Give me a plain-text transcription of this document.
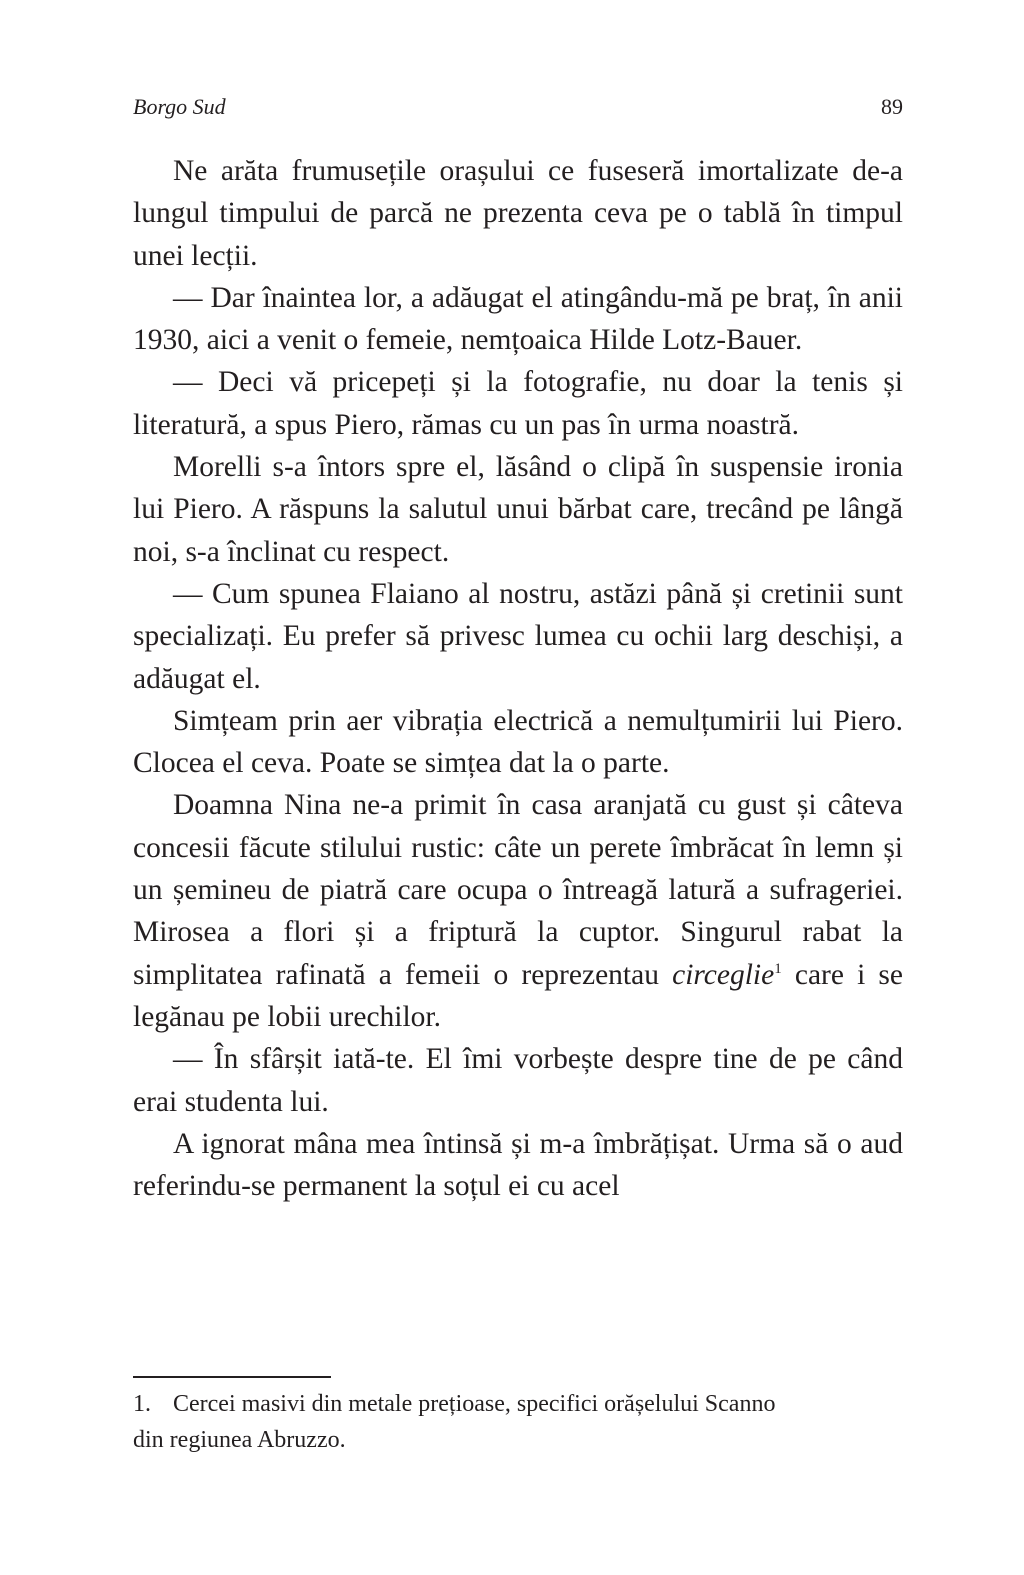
Borgo Sud	89

Ne arăta frumusețile orașului ce fuseseră imortalizate de-a lungul timpului de parcă ne prezenta ceva pe o tablă în timpul unei lecții.

— Dar înaintea lor, a adăugat el atingându-mă pe braț, în anii 1930, aici a venit o femeie, nemțoaica Hilde Lotz-Bauer.

— Deci vă pricepeți și la fotografie, nu doar la tenis și literatură, a spus Piero, rămas cu un pas în urma noastră.

Morelli s-a întors spre el, lăsând o clipă în suspensie ironia lui Piero. A răspuns la salutul unui bărbat care, trecând pe lângă noi, s-a înclinat cu respect.

— Cum spunea Flaiano al nostru, astăzi până și cretinii sunt specializați. Eu prefer să privesc lumea cu ochii larg deschiși, a adăugat el.

Simțeam prin aer vibrația electrică a nemulțumirii lui Piero. Clocea el ceva. Poate se simțea dat la o parte.

Doamna Nina ne-a primit în casa aranjată cu gust și câteva concesii făcute stilului rustic: câte un perete îmbrăcat în lemn și un șemineu de piatră care ocupa o întreagă latură a sufrageriei. Mirosea a flori și a friptură la cuptor. Singurul rabat la simplitatea rafinată a femeii o reprezentau circeglie$^1$ care i se legănau pe lobii urechilor.

— În sfârșit iată-te. El îmi vorbește despre tine de pe când erai studenta lui.

A ignorat mâna mea întinsă și m-a îmbrățișat. Urma să o aud referindu-se permanent la soțul ei cu acel

1. Cercei masivi din metale prețioase, specifici orășelului Scanno
din regiunea Abruzzo.
